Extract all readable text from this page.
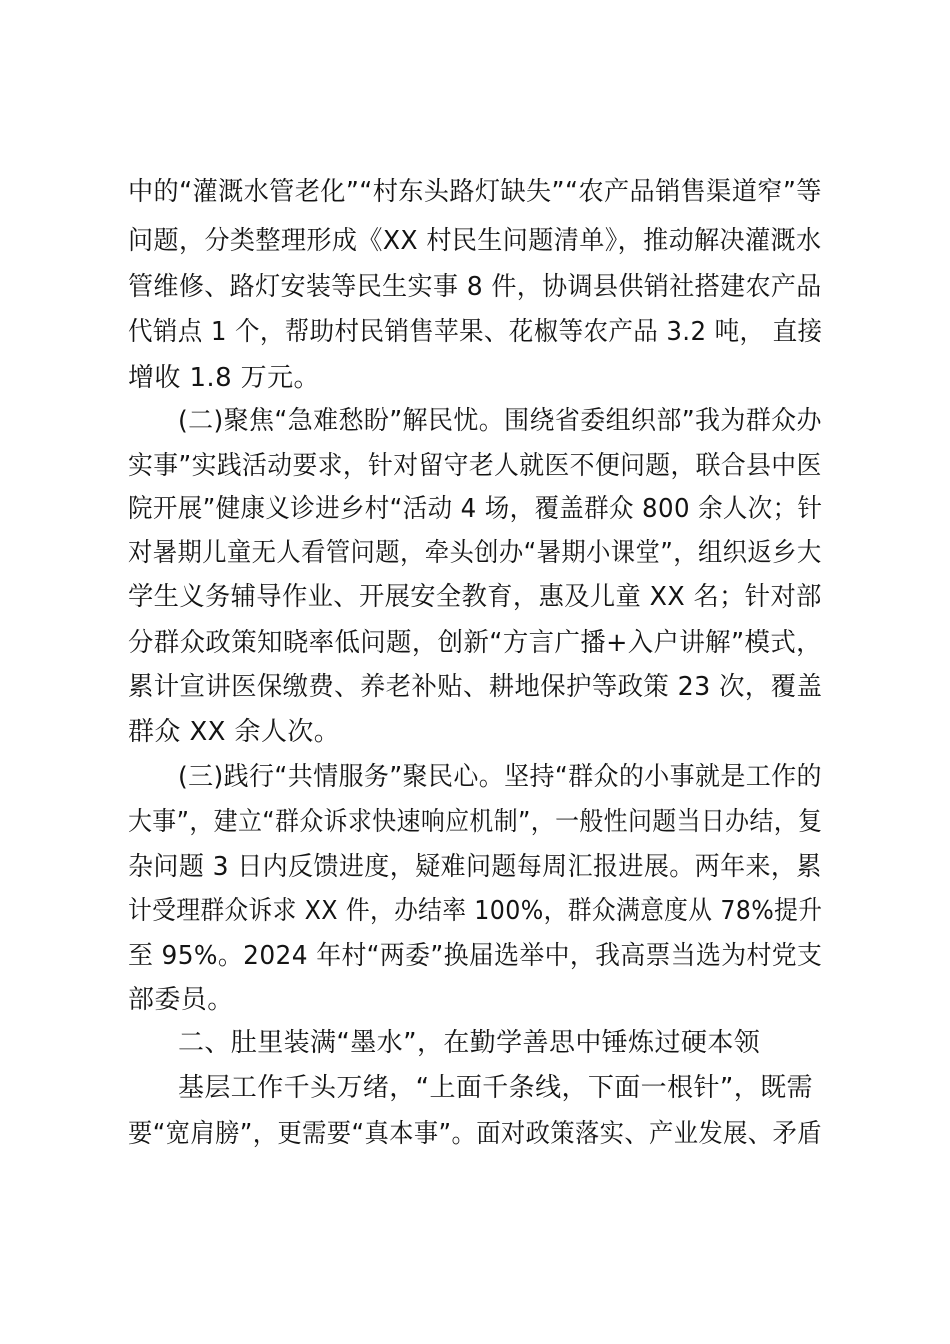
中的“灌溉水管老化”“村东头路灯缺失”“农产品销售渠道窄”等
问题，分类整理形成《XX 村民生问题清单》，推动解决灌溉水
管维修、路灯安装等民生实事 8 件，协调县供销社搭建农产品
代销点 1 个，帮助村民销售苹果、花椒等农产品 3.2 吨， 直接
增收 1.8 万元。
(二)聚焦“急难愁盼”解民忧。围绕省委组织部”我为群众办
实事”实践活动要求，针对留守老人就医不便问题，联合县中医
院开展”健康义诊进乡村“活动 4 场，覆盖群众 800 余人次；针
对暑期儿童无人看管问题，牵头创办“暑期小课堂”，组织返乡大
学生义务辅导作业、开展安全教育，惠及儿童 XX 名；针对部
分群众政策知晓率低问题，创新“方言广播+入户讲解”模式，
累计宣讲医保缴费、养老补贴、耕地保护等政策 23 次，覆盖
群众 XX 余人次。
(三)践行“共情服务”聚民心。坚持“群众的小事就是工作的
大事”，建立“群众诉求快速响应机制”，一般性问题当日办结，复
杂问题 3 日内反馈进度，疑难问题每周汇报进展。两年来，累
计受理群众诉求 XX 件，办结率 100%，群众满意度从 78%提升
至 95%。2024 年村“两委”换届选举中，我高票当选为村党支
部委员。
二、肚里装满“墨水”，在勤学善思中锤炼过硬本领
基层工作千头万绪，“上面千条线，下面一根针”，既需
要“宽肩膀”，更需要“真本事”。面对政策落实、产业发展、矛盾
